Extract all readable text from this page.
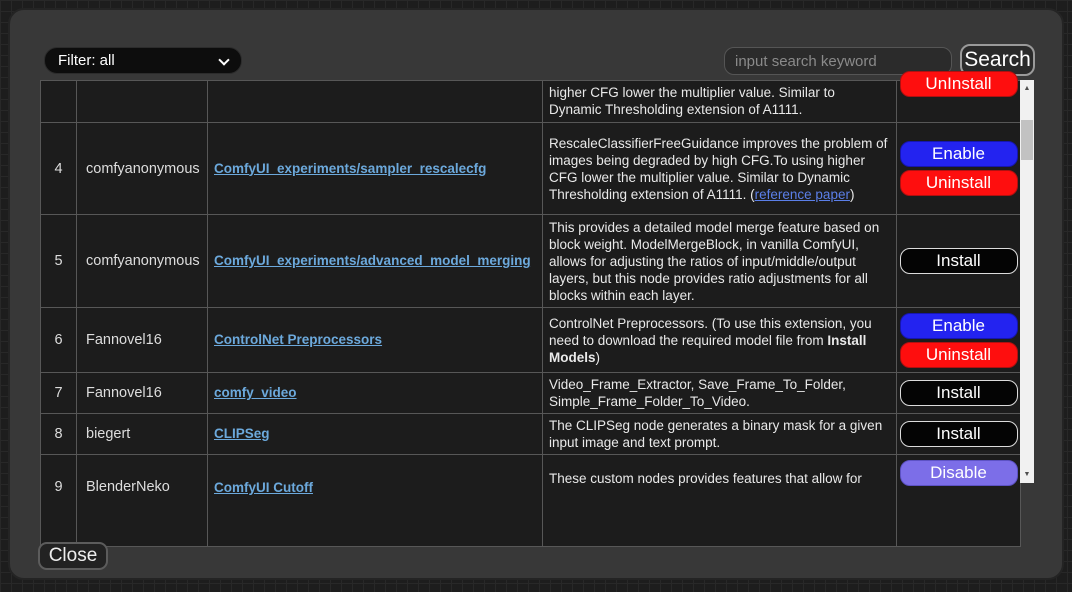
Filter: all
input search keyword
Search
			higher CFG lower the multiplier value. Similar to Dynamic Thresholding extension of A1111.	UnInstall

4	comfyanonymous	ComfyUI_experiments/sampler_rescalecfg	RescaleClassifierFreeGuidance improves the problem of images being degraded by high CFG.To using higher CFG lower the multiplier value. Similar to Dynamic Thresholding extension of A1111. (reference paper)	Enable
Uninstall

5	comfyanonymous	ComfyUI_experiments/advanced_model_merging	This provides a detailed model merge feature based on block weight. ModelMergeBlock, in vanilla ComfyUI, allows for adjusting the ratios of input/middle/output layers, but this node provides ratio adjustments for all blocks within each layer.	Install

6	Fannovel16	ControlNet Preprocessors	ControlNet Preprocessors. (To use this extension, you need to download the required model file from Install Models)	Enable
Uninstall

7	Fannovel16	comfy_video	Video_Frame_Extractor, Save_Frame_To_Folder, Simple_Frame_Folder_To_Video.	Install

8	biegert	CLIPSeg	The CLIPSeg node generates a binary mask for a given input image and text prompt.	Install

9	BlenderNeko	ComfyUI Cutoff	These custom nodes provides features that allow for	Disable
▲
▼
Close
